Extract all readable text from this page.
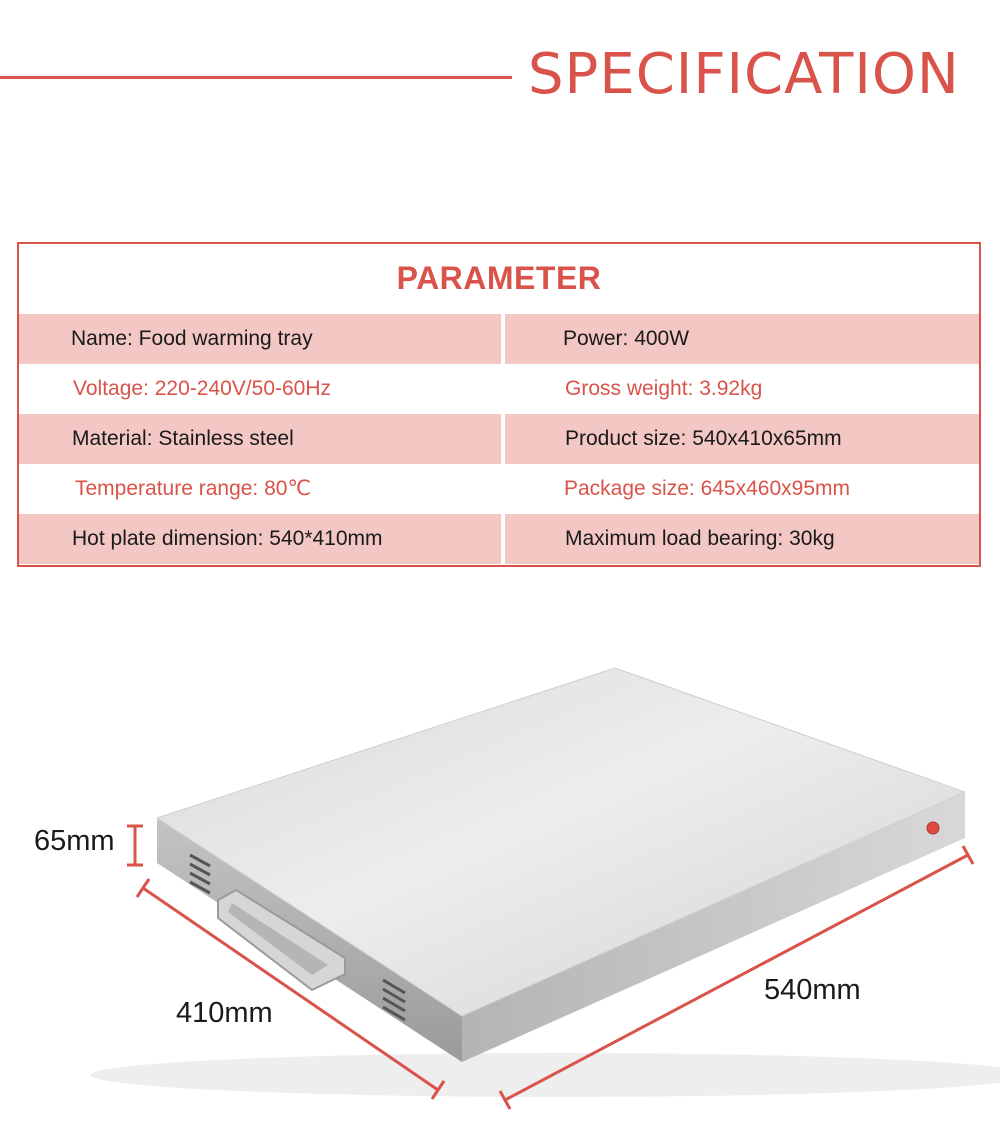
SPECIFICATION
PARAMETER
Name: Food warming tray	Power: 400W
Voltage: 220-240V/50-60Hz	Gross weight: 3.92kg
Material: Stainless steel	Product size: 540x410x65mm
Temperature range: 80℃	Package size: 645x460x95mm
Hot plate dimension: 540*410mm	Maximum load bearing: 30kg
65mm
410mm
540mm
